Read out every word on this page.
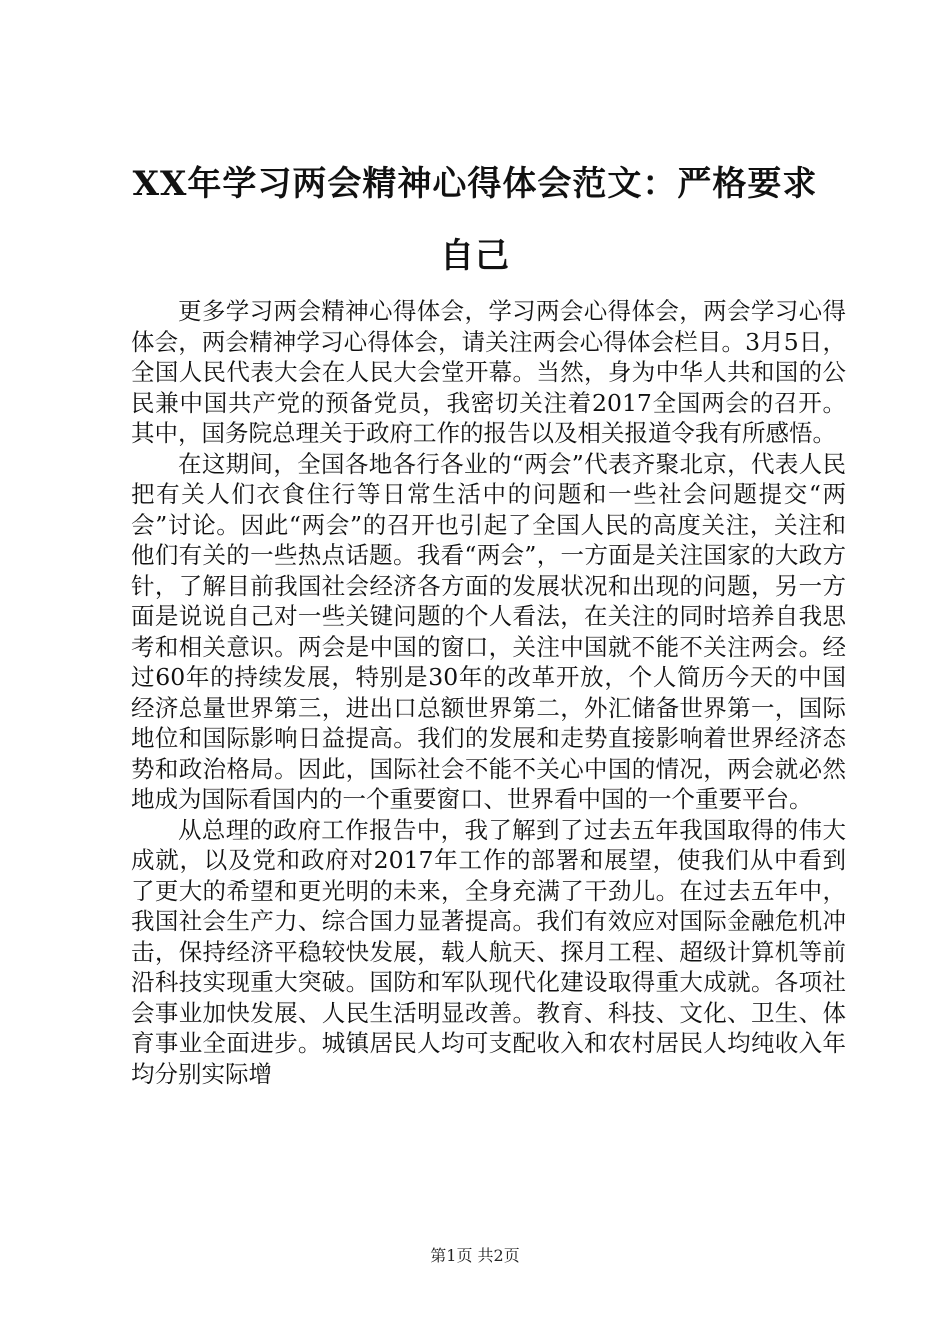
XX年学习两会精神心得体会范文：严格要求
自己

更多学习两会精神心得体会，学习两会心得体会，两会学习心得体会，两会精神学习心得体会，请关注两会心得体会栏目。3月5日，全国人民代表大会在人民大会堂开幕。当然，身为中华人共和国的公民兼中国共产党的预备党员，我密切关注着2017全国两会的召开。其中，国务院总理关于政府工作的报告以及相关报道令我有所感悟。

在这期间，全国各地各行各业的“两会”代表齐聚北京，代表人民把有关人们衣食住行等日常生活中的问题和一些社会问题提交“两会”讨论。因此“两会”的召开也引起了全国人民的高度关注，关注和他们有关的一些热点话题。我看“两会”，一方面是关注国家的大政方针，了解目前我国社会经济各方面的发展状况和出现的问题，另一方面是说说自己对一些关键问题的个人看法，在关注的同时培养自我思考和相关意识。两会是中国的窗口，关注中国就不能不关注两会。经过60年的持续发展，特别是30年的改革开放，个人简历今天的中国经济总量世界第三，进出口总额世界第二，外汇储备世界第一，国际地位和国际影响日益提高。我们的发展和走势直接影响着世界经济态势和政治格局。因此，国际社会不能不关心中国的情况，两会就必然地成为国际看国内的一个重要窗口、世界看中国的一个重要平台。

从总理的政府工作报告中，我了解到了过去五年我国取得的伟大成就，以及党和政府对2017年工作的部署和展望，使我们从中看到了更大的希望和更光明的未来，全身充满了干劲儿。在过去五年中，我国社会生产力、综合国力显著提高。我们有效应对国际金融危机冲击，保持经济平稳较快发展，载人航天、探月工程、超级计算机等前沿科技实现重大突破。国防和军队现代化建设取得重大成就。各项社会事业加快发展、人民生活明显改善。教育、科技、文化、卫生、体育事业全面进步。城镇居民人均可支配收入和农村居民人均纯收入年均分别实际增

第1页 共2页
